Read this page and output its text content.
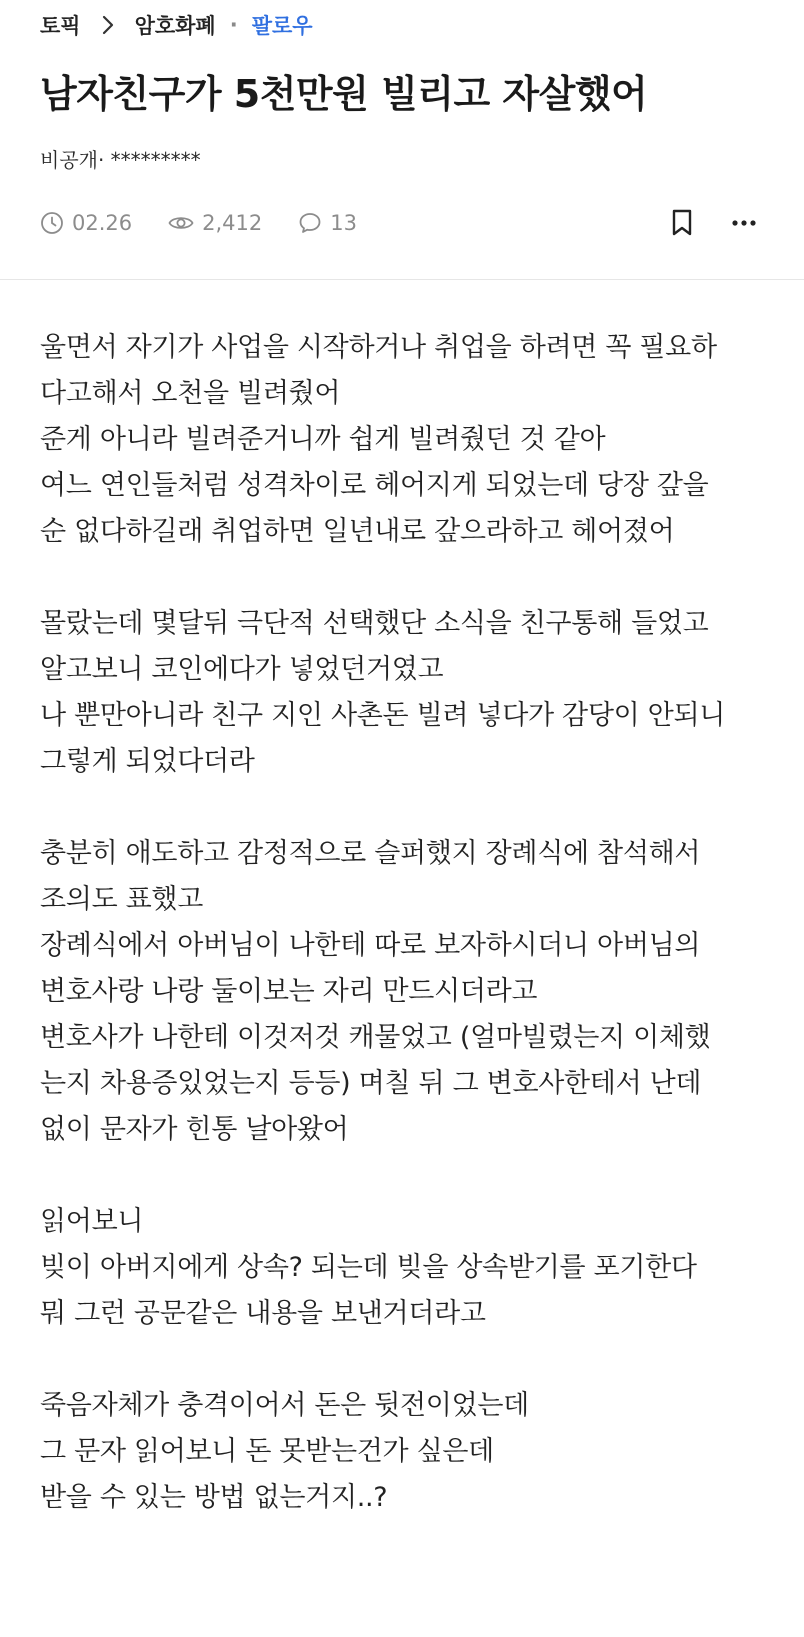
토픽	암호화폐 · 팔로우
남자친구가 5천만원 빌리고 자살했어
비공개· *********
02.26	2,412	13
울면서 자기가 사업을 시작하거나 취업을 하려면 꼭 필요하
다고해서 오천을 빌려줬어
준게 아니라 빌려준거니까 쉽게 빌려줬던 것 같아
여느 연인들처럼 성격차이로 헤어지게 되었는데 당장 갚을
순 없다하길래 취업하면 일년내로 갚으라하고 헤어졌어
몰랐는데 몇달뒤 극단적 선택했단 소식을 친구통해 들었고
알고보니 코인에다가 넣었던거였고
나 뿐만아니라 친구 지인 사촌돈 빌려 넣다가 감당이 안되니
그렇게 되었다더라
충분히 애도하고 감정적으로 슬퍼했지 장례식에 참석해서
조의도 표했고
장례식에서 아버님이 나한테 따로 보자하시더니 아버님의
변호사랑 나랑 둘이보는 자리 만드시더라고
변호사가 나한테 이것저것 캐물었고 (얼마빌렸는지 이체했
는지 차용증있었는지 등등) 며칠 뒤 그 변호사한테서 난데
없이 문자가 힌통 날아왔어
읽어보니
빚이 아버지에게 상속? 되는데 빚을 상속받기를 포기한다
뭐 그런 공문같은 내용을 보낸거더라고
죽음자체가 충격이어서 돈은 뒷전이었는데
그 문자 읽어보니 돈 못받는건가 싶은데
받을 수 있는 방법 없는거지..?
